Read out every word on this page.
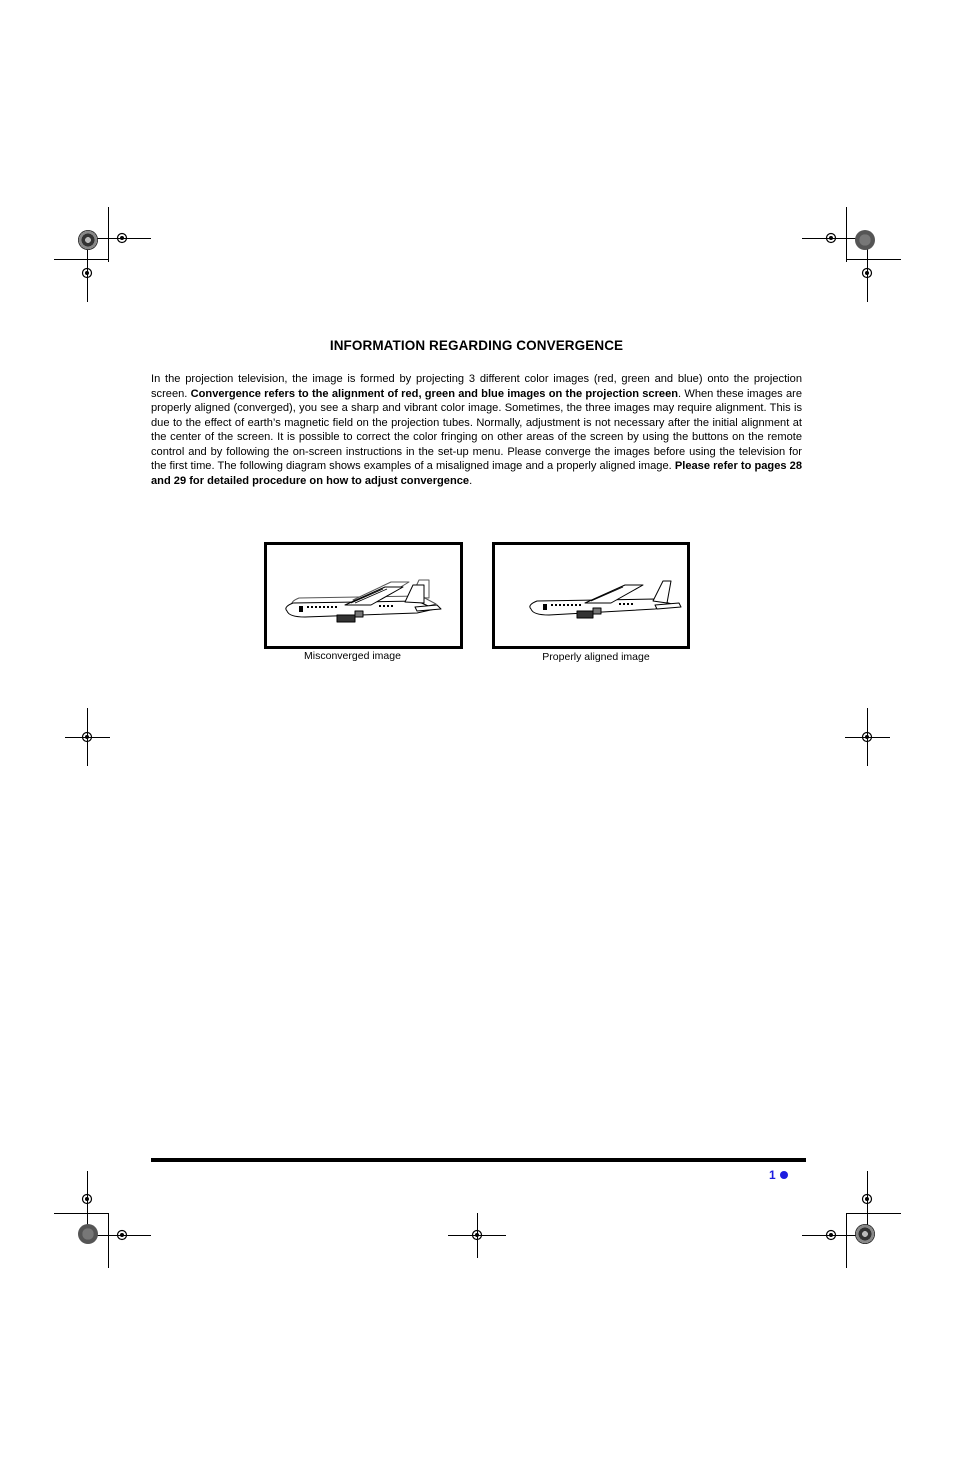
INFORMATION REGARDING CONVERGENCE

In the projection television, the image is formed by projecting 3 different color images (red, green and blue) onto the projection screen. Convergence refers to the alignment of red, green and blue images on the projection screen. When these images are properly aligned (converged), you see a sharp and vibrant color image. Sometimes, the three images may require alignment. This is due to the effect of earth’s magnetic field on the projection tubes. Normally, adjustment is not necessary after the initial alignment at the center of the screen. It is possible to correct the color fringing on other areas of the screen by using the buttons on the remote control and by following the on-screen instructions in the set-up menu. Please converge the images before using the television for the first time. The following diagram shows examples of a misaligned image and a properly aligned image. Please refer to pages 28 and 29 for detailed procedure on how to adjust convergence.

Misconverged image	Properly aligned image
1
